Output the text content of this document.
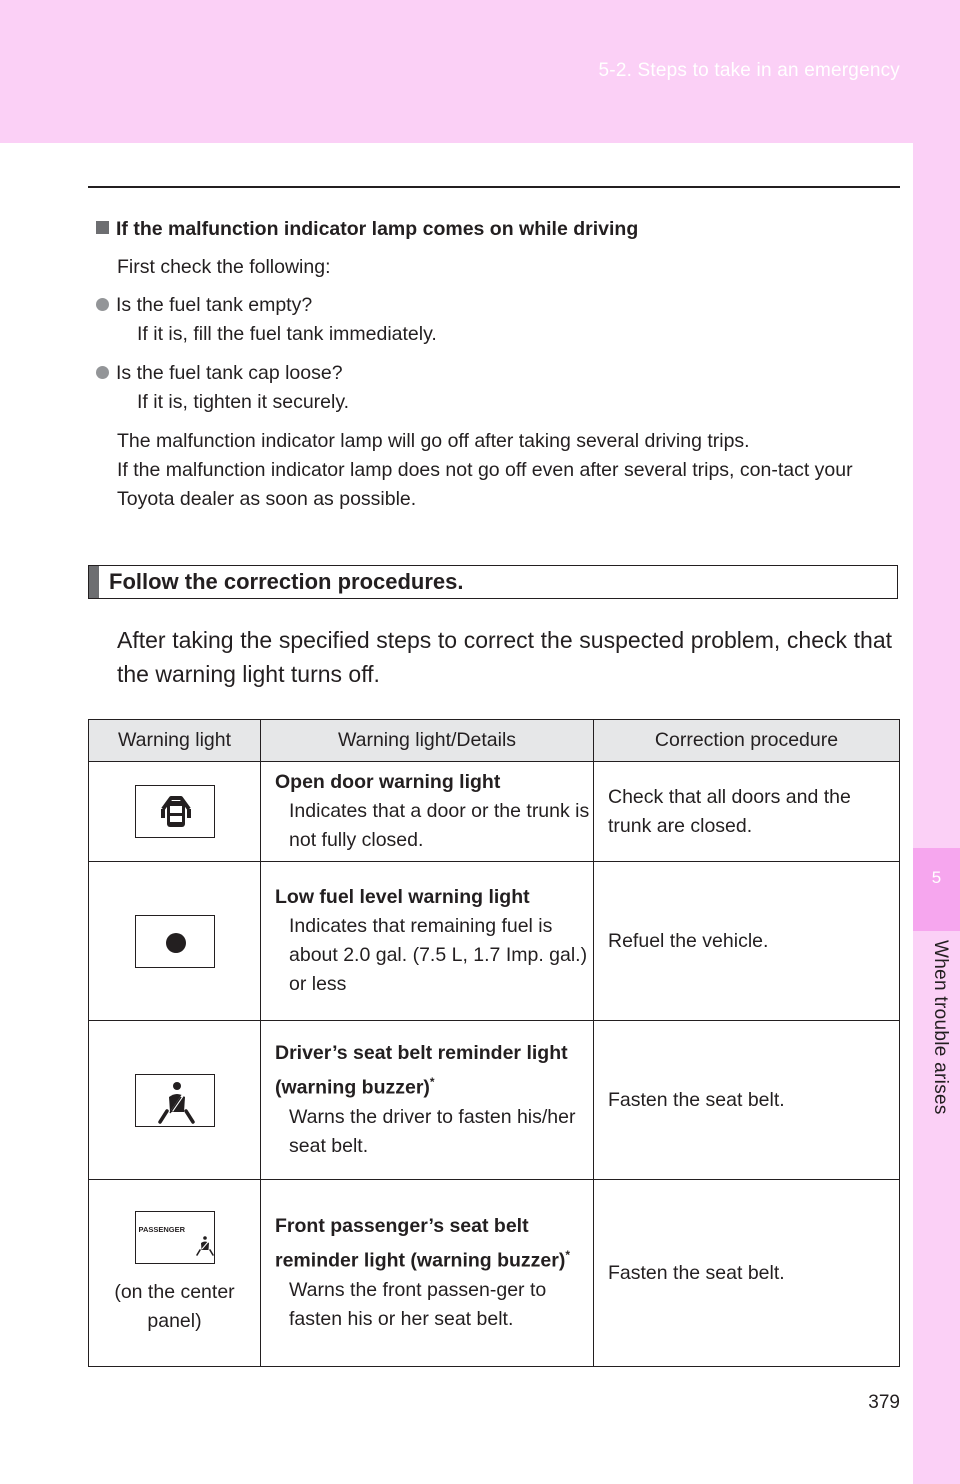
5-2. Steps to take in an emergency
5
When trouble arises
If the malfunction indicator lamp comes on while driving
First check the following:
Is the fuel tank empty?
If it is, fill the fuel tank immediately.
Is the fuel tank cap loose?
If it is, tighten it securely.
The malfunction indicator lamp will go off after taking several driving trips.
If the malfunction indicator lamp does not go off even after several trips, con-tact your Toyota dealer as soon as possible.
Follow the correction procedures.
After taking the specified steps to correct the suspected problem, check that the warning light turns off.
Warning light	Warning light/Details	Correction procedure

Open door warning light
Indicates that a door or the trunk is not fully closed.	Check that all doors and the trunk are closed.

Low fuel level warning light
Indicates that remaining fuel is about 2.0 gal. (7.5 L, 1.7 Imp. gal.) or less	Refuel the vehicle.

Driver’s seat belt reminder light (warning buzzer)*
Warns the driver to fasten his/her seat belt.	Fasten the seat belt.

PASSENGER
(on the center panel)	Front passenger’s seat belt reminder light (warning buzzer)*
Warns the front passen-ger to fasten his or her seat belt.	Fasten the seat belt.
379
